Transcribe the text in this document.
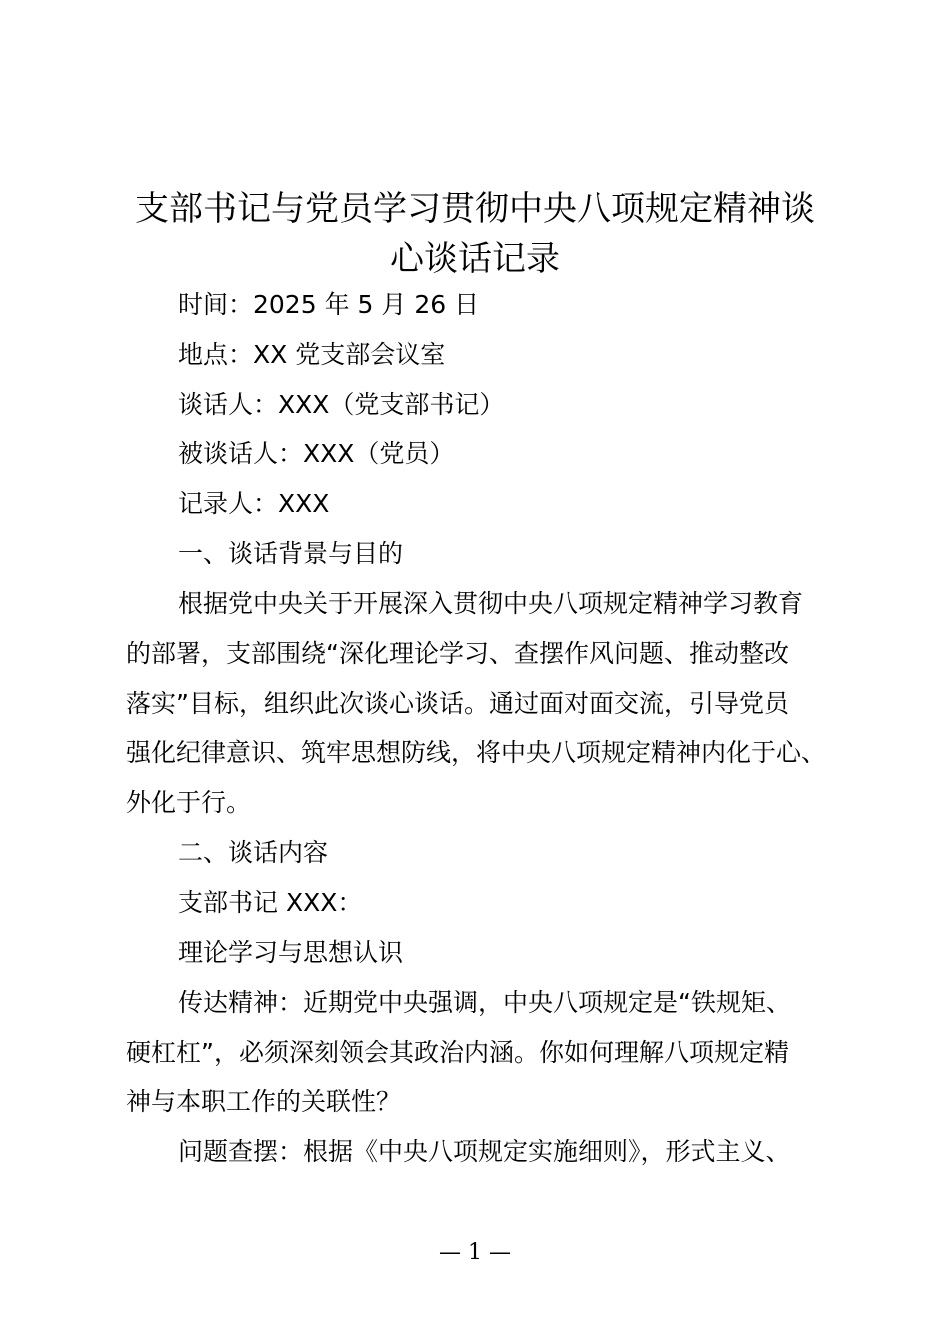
支部书记与党员学习贯彻中央八项规定精神谈
心谈话记录
时间：2025 年 5 月 26 日
地点：XX 党支部会议室
谈话人：XXX（党支部书记）
被谈话人：XXX（党员）
记录人：XXX
一、谈话背景与目的
根据党中央关于开展深入贯彻中央八项规定精神学习教育
的部署，支部围绕“深化理论学习、查摆作风问题、推动整改
落实”目标，组织此次谈心谈话。通过面对面交流，引导党员
强化纪律意识、筑牢思想防线，将中央八项规定精神内化于心、
外化于行。
二、谈话内容
支部书记 XXX：
理论学习与思想认识
传达精神：近期党中央强调，中央八项规定是“铁规矩、
硬杠杠”，必须深刻领会其政治内涵。你如何理解八项规定精
神与本职工作的关联性？
问题查摆：根据《中央八项规定实施细则》，形式主义、
— 1 —
